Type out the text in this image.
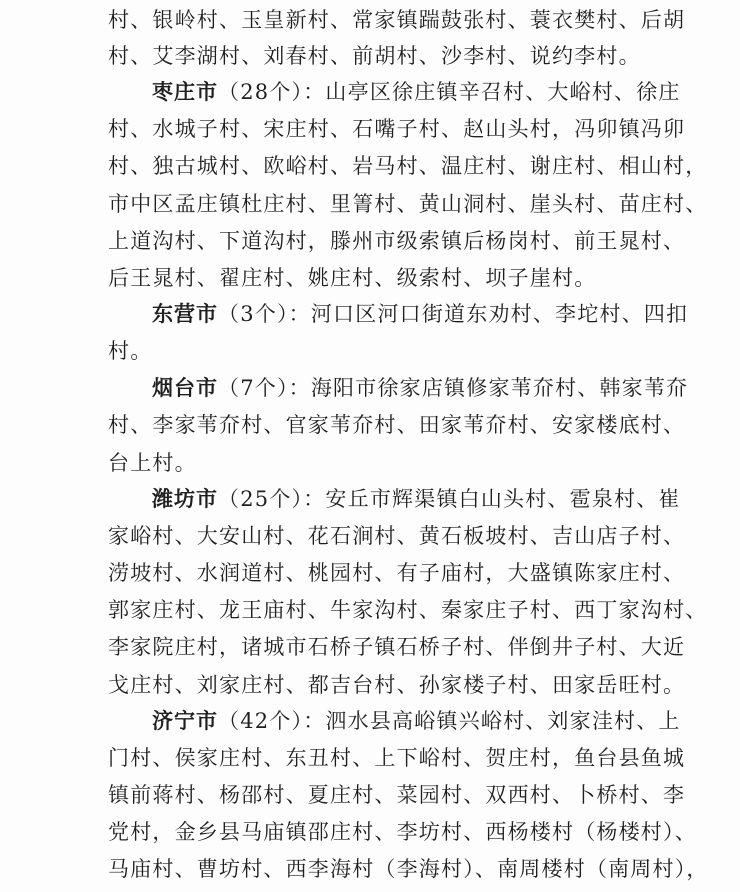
村、银岭村、玉皇新村、常家镇踹鼓张村、蓑衣樊村、后胡
村、艾李湖村、刘春村、前胡村、沙李村、说约李村。
枣庄市（28个）：山亭区徐庄镇辛召村、大峪村、徐庄
村、水城子村、宋庄村、石嘴子村、赵山头村，冯卯镇冯卯
村、独古城村、欧峪村、岩马村、温庄村、谢庄村、相山村，
市中区孟庄镇杜庄村、里箐村、黄山洞村、崖头村、苗庄村、
上道沟村、下道沟村，滕州市级索镇后杨岗村、前王晁村、
后王晁村、翟庄村、姚庄村、级索村、坝子崖村。
东营市（3个）：河口区河口街道东劝村、李坨村、四扣
村。
烟台市（7个）：海阳市徐家店镇修家苇夼村、韩家苇夼
村、李家苇夼村、官家苇夼村、田家苇夼村、安家楼底村、
台上村。
潍坊市（25个）：安丘市辉渠镇白山头村、雹泉村、崔
家峪村、大安山村、花石涧村、黄石板坡村、吉山店子村、
涝坡村、水润道村、桃园村、有子庙村，大盛镇陈家庄村、
郭家庄村、龙王庙村、牛家沟村、秦家庄子村、西丁家沟村、
李家院庄村，诸城市石桥子镇石桥子村、伴倒井子村、大近
戈庄村、刘家庄村、都吉台村、孙家楼子村、田家岳旺村。
济宁市（42个）：泗水县高峪镇兴峪村、刘家洼村、上
门村、侯家庄村、东丑村、上下峪村、贺庄村，鱼台县鱼城
镇前蒋村、杨邵村、夏庄村、菜园村、双西村、卜桥村、李
党村，金乡县马庙镇邵庄村、李坊村、西杨楼村（杨楼村）、
马庙村、曹坊村、西李海村（李海村）、南周楼村（南周村），
